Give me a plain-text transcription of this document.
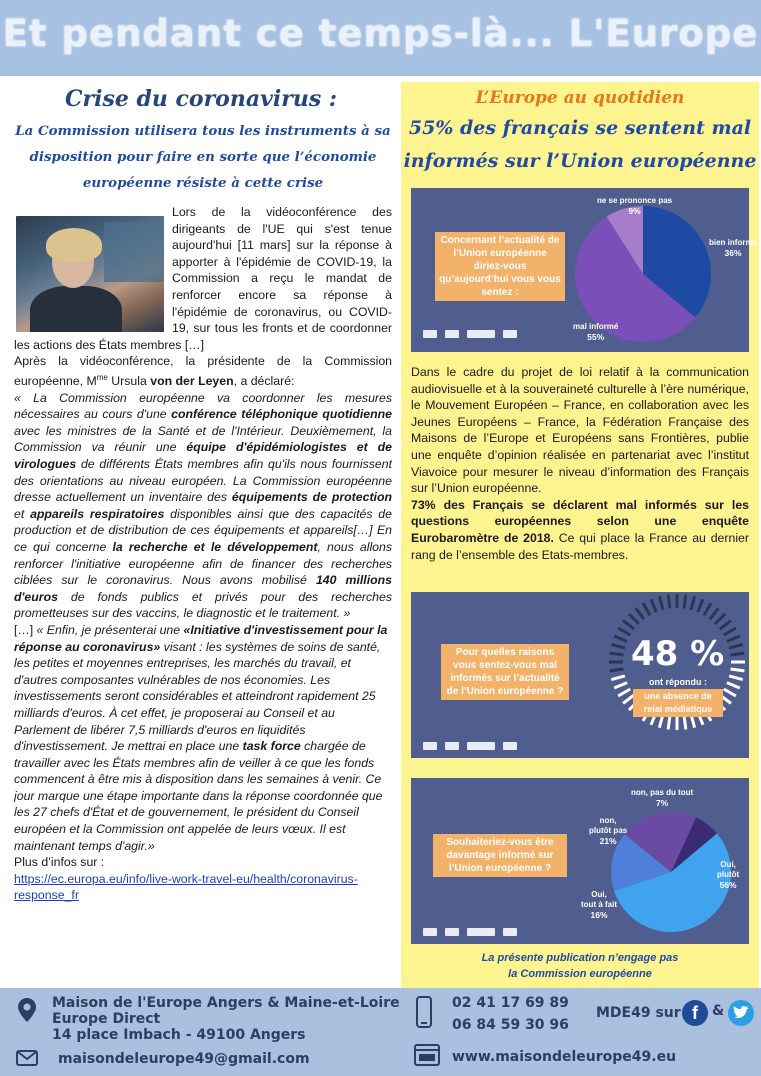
Et pendant ce temps-là... L'Europe
Crise du coronavirus :
La Commission utilisera tous les instruments à sa disposition pour faire en sorte que l’économie européenne résiste à cette crise

Lors de la vidéoconférence des dirigeants de l'UE qui s'est tenue aujourd'hui [11 mars] sur la réponse à apporter à l'épidémie de COVID-19, la Commission a reçu le mandat de renforcer encore sa réponse à l'épidémie de coronavirus, ou COVID-19, sur tous les fronts et de coordonner les actions des États membres […]

Après la vidéoconférence, la présidente de la Commission européenne, $M^{me}$ Ursula von der Leyen, a déclaré:

« La Commission européenne va coordonner les mesures nécessaires au cours d'une conférence téléphonique quotidienne avec les ministres de la Santé et de l'Intérieur. Deuxièmement, la Commission va réunir une équipe d'épidémiologistes et de virologues de différents États membres afin qu'ils nous fournissent des orientations au niveau européen. La Commission européenne dresse actuellement un inventaire des équipements de protection et appareils respiratoires disponibles ainsi que des capacités de production et de distribution de ces équipements et appareils[…] En ce qui concerne la recherche et le développement, nous allons renforcer l'initiative européenne afin de financer des recherches ciblées sur le coronavirus. Nous avons mobilisé 140 millions d'euros de fonds publics et privés pour des recherches prometteuses sur des vaccins, le diagnostic et le traitement. »

[…] « Enfin, je présenterai une «Initiative d'investissement pour la réponse au coronavirus» visant : les systèmes de soins de santé, les petites et moyennes entreprises, les marchés du travail, et d'autres composantes vulnérables de nos économies. Les investissements seront considérables et atteindront rapidement 25 milliards d'euros. À cet effet, je proposerai au Conseil et au Parlement de libérer 7,5 milliards d'euros en liquidités d'investissement. Je mettrai en place une task force chargée de travailler avec les États membres afin de veiller à ce que les fonds commencent à être mis à disposition dans les semaines à venir. Ce jour marque une étape importante dans la réponse coordonnée que les 27 chefs d'État et de gouvernement, le président du Conseil européen et la Commission ont appelée de leurs vœux. Il est maintenant temps d'agir.»

Plus d’infos sur :

https://ec.europa.eu/info/live-work-travel-eu/health/coronavirus-response_fr
L’Europe au quotidien
55% des français se sentent mal informés sur l’Union européenne
Concernant l’actualité de l’Union européenne diriez-vous qu’aujourd’hui vous vous sentez :
ne se prononce pas
9%
bien informé
36%
mal informé
55%

Dans le cadre du projet de loi relatif à la communication audiovisuelle et à la souveraineté culturelle à l’ère numérique, le Mouvement Européen – France, en collaboration avec les Jeunes Européens – France, la Fédération Française des Maisons de l’Europe et Européens sans Frontières, publie une enquête d’opinion réalisée en partenariat avec l’institut Viavoice pour mesurer le niveau d’information des Français sur l’Union européenne.

73% des Français se déclarent mal informés sur les questions européennes selon une enquête Eurobaromètre de 2018. Ce qui place la France au dernier rang de l’ensemble des Etats-membres.

Pour quelles raisons vous sentez-vous mal informés sur l’actualité de l’Union européenne ?
48 %
ont répondu :
une absence de relai médiatique
Souhaiteriez-vous être davantage informé sur l’Union européenne ?
non, pas du tout
7%
non,
plutôt pas
21%
Oui,
tout à fait
16%
Oui,
plutôt
56%
La présente publication n’engage pas
la Commission européenne
Maison de l'Europe Angers & Maine-et-Loire
Europe Direct
14 place Imbach - 49100 Angers
maisondeleurope49@gmail.com
02 41 17 69 89
06 84 59 30 96
www.maisondeleurope49.eu
MDE49 sur f	&
